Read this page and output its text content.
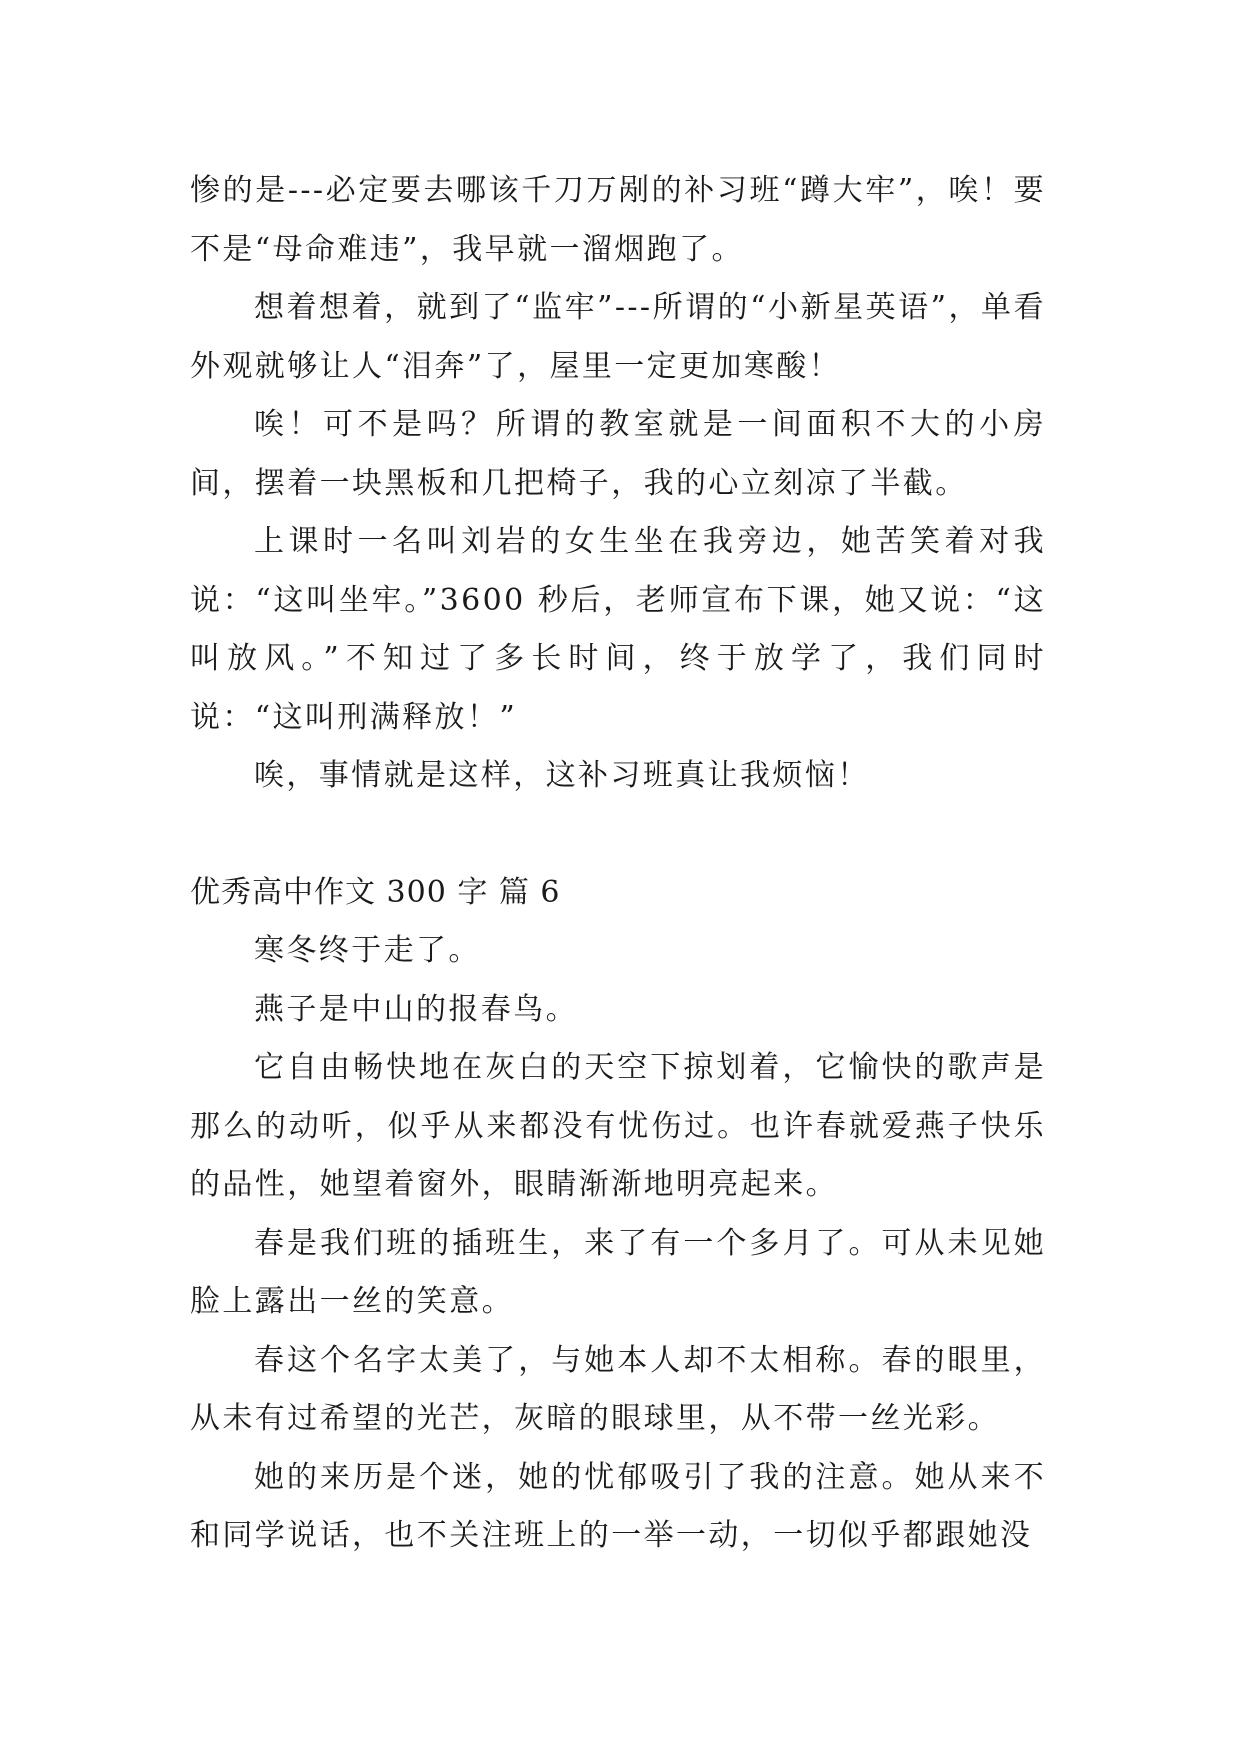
惨的是---必定要去哪该千刀万剐的补习班“蹲大牢”，唉！要不是“母命难违”，我早就一溜烟跑了。

想着想着，就到了“监牢”---所谓的“小新星英语”，单看外观就够让人“泪奔”了，屋里一定更加寒酸！

唉！可不是吗？所谓的教室就是一间面积不大的小房间，摆着一块黑板和几把椅子，我的心立刻凉了半截。

上课时一名叫刘岩的女生坐在我旁边，她苦笑着对我说：“这叫坐牢。”3600 秒后，老师宣布下课，她又说：“这叫放风。”不知过了多长时间，终于放学了，我们同时说：“这叫刑满释放！”

唉，事情就是这样，这补习班真让我烦恼！

优秀高中作文 300 字 篇 6

寒冬终于走了。

燕子是中山的报春鸟。

它自由畅快地在灰白的天空下掠划着，它愉快的歌声是那么的动听，似乎从来都没有忧伤过。也许春就爱燕子快乐的品性，她望着窗外，眼睛渐渐地明亮起来。

春是我们班的插班生，来了有一个多月了。可从未见她脸上露出一丝的笑意。

春这个名字太美了，与她本人却不太相称。春的眼里，从未有过希望的光芒，灰暗的眼球里，从不带一丝光彩。

她的来历是个迷，她的忧郁吸引了我的注意。她从来不和同学说话，也不关注班上的一举一动，一切似乎都跟她没
